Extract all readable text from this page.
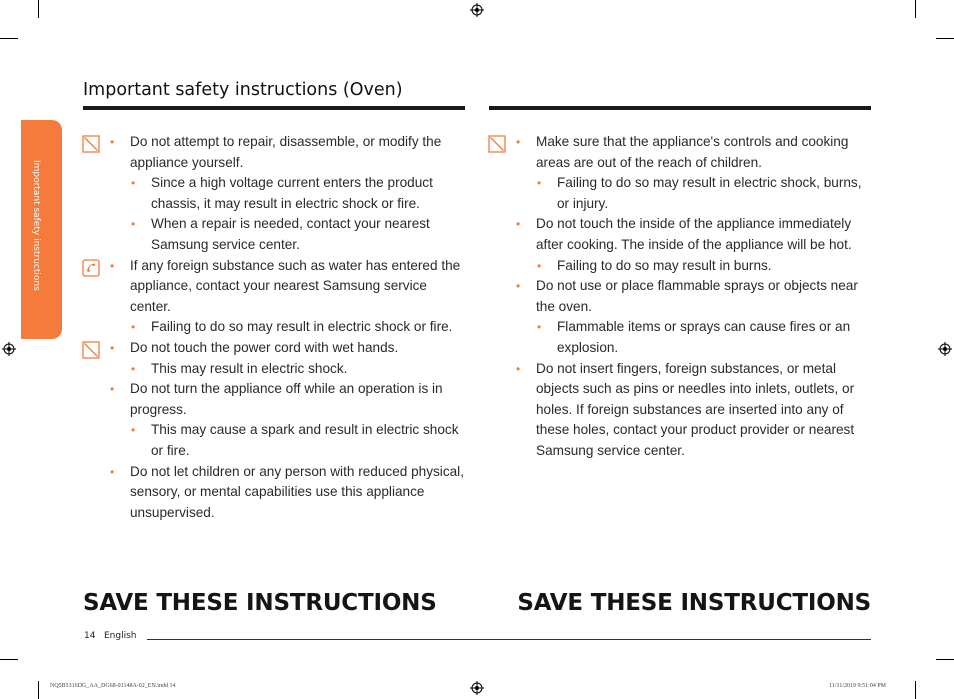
Important safety instructions
Important safety instructions (Oven)
• Do not attempt to repair, disassemble, or modify the appliance yourself.
• Since a high voltage current enters the product chassis, it may result in electric shock or fire.
• When a repair is needed, contact your nearest Samsung service center.
• If any foreign substance such as water has entered the appliance, contact your nearest Samsung service center.
• Failing to do so may result in electric shock or fire.
• Do not touch the power cord with wet hands.
• This may result in electric shock.
• Do not turn the appliance off while an operation is in progress.
• This may cause a spark and result in electric shock or fire.
• Do not let children or any person with reduced physical, sensory, or mental capabilities use this appliance unsupervised.
• Make sure that the appliance's controls and cooking areas are out of the reach of children.
• Failing to do so may result in electric shock, burns, or injury.
• Do not touch the inside of the appliance immediately after cooking. The inside of the appliance will be hot.
• Failing to do so may result in burns.
• Do not use or place flammable sprays or objects near the oven.
• Flammable items or sprays can cause fires or an explosion.
• Do not insert fingers, foreign substances, or metal objects such as pins or needles into inlets, outlets, or holes. If foreign substances are inserted into any of these holes, contact your product provider or nearest Samsung service center.
SAVE THESE INSTRUCTIONS	SAVE THESE INSTRUCTIONS
14 English
NQ5B5316DG_AA_DG68-01148A-02_EN.indd 14	11/11/2019 9:51:04 PM
